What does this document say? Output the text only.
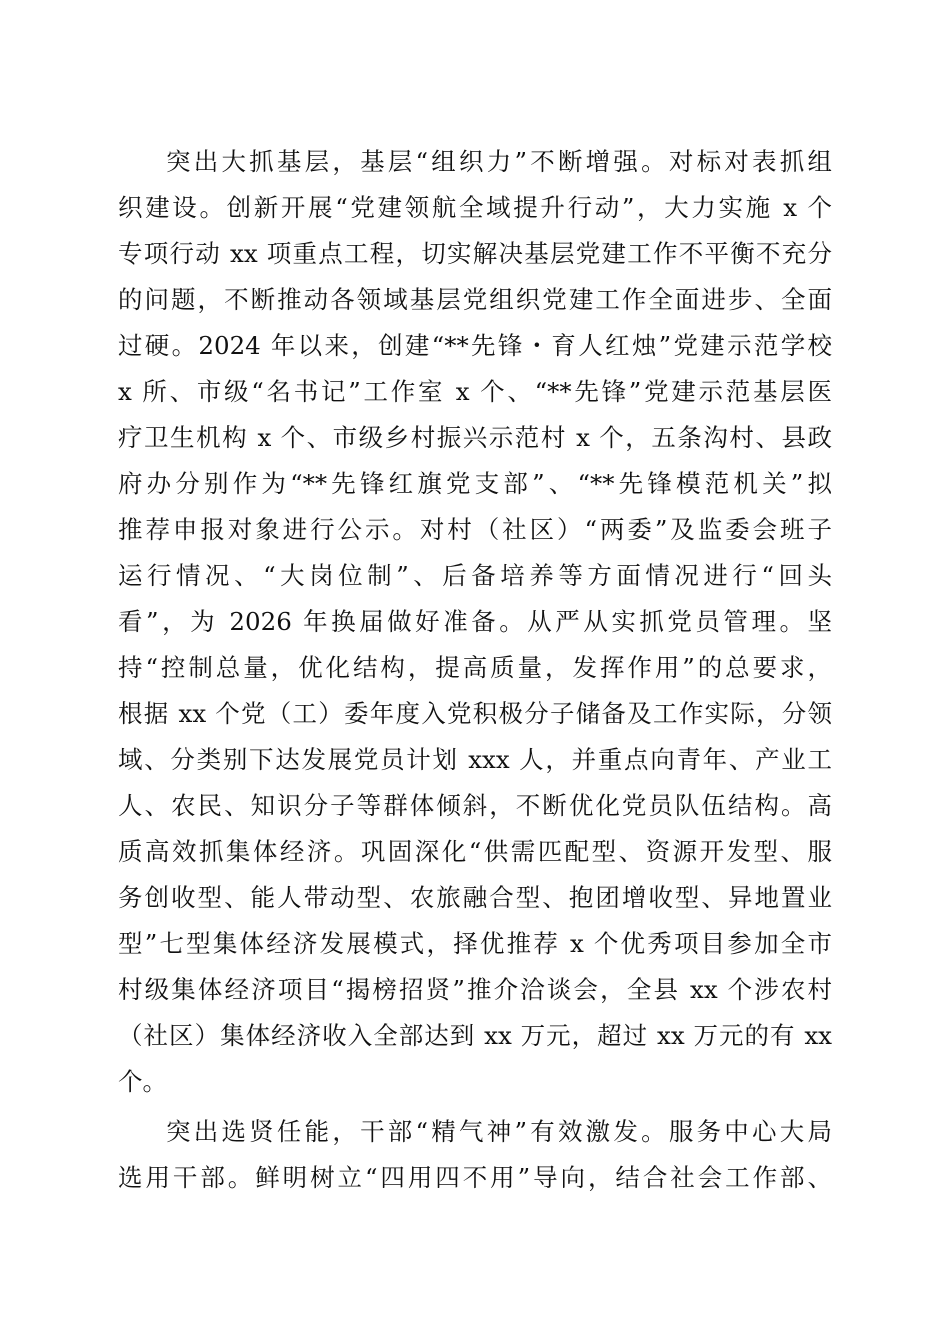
突出大抓基层，基层“组织力”不断增强。对标对表抓组
织建设。创新开展“党建领航全域提升行动”，大力实施 x 个
专项行动 xx 项重点工程，切实解决基层党建工作不平衡不充分
的问题，不断推动各领域基层党组织党建工作全面进步、全面
过硬。2024 年以来，创建“**先锋・育人红烛”党建示范学校
x 所、市级“名书记”工作室 x 个、“**先锋”党建示范基层医
疗卫生机构 x 个、市级乡村振兴示范村 x 个，五条沟村、县政
府办分别作为“**先锋红旗党支部”、“**先锋模范机关”拟
推荐申报对象进行公示。对村（社区）“两委”及监委会班子
运行情况、“大岗位制”、后备培养等方面情况进行“回头
看”，为 2026 年换届做好准备。从严从实抓党员管理。坚
持“控制总量，优化结构，提高质量，发挥作用”的总要求，
根据 xx 个党（工）委年度入党积极分子储备及工作实际，分领
域、分类别下达发展党员计划 xxx 人，并重点向青年、产业工
人、农民、知识分子等群体倾斜，不断优化党员队伍结构。高
质高效抓集体经济。巩固深化“供需匹配型、资源开发型、服
务创收型、能人带动型、农旅融合型、抱团增收型、异地置业
型”七型集体经济发展模式，择优推荐 x 个优秀项目参加全市
村级集体经济项目“揭榜招贤”推介洽谈会，全县 xx 个涉农村
（社区）集体经济收入全部达到 xx 万元，超过 xx 万元的有 xx
个。
突出选贤任能，干部“精气神”有效激发。服务中心大局
选用干部。鲜明树立“四用四不用”导向，结合社会工作部、
